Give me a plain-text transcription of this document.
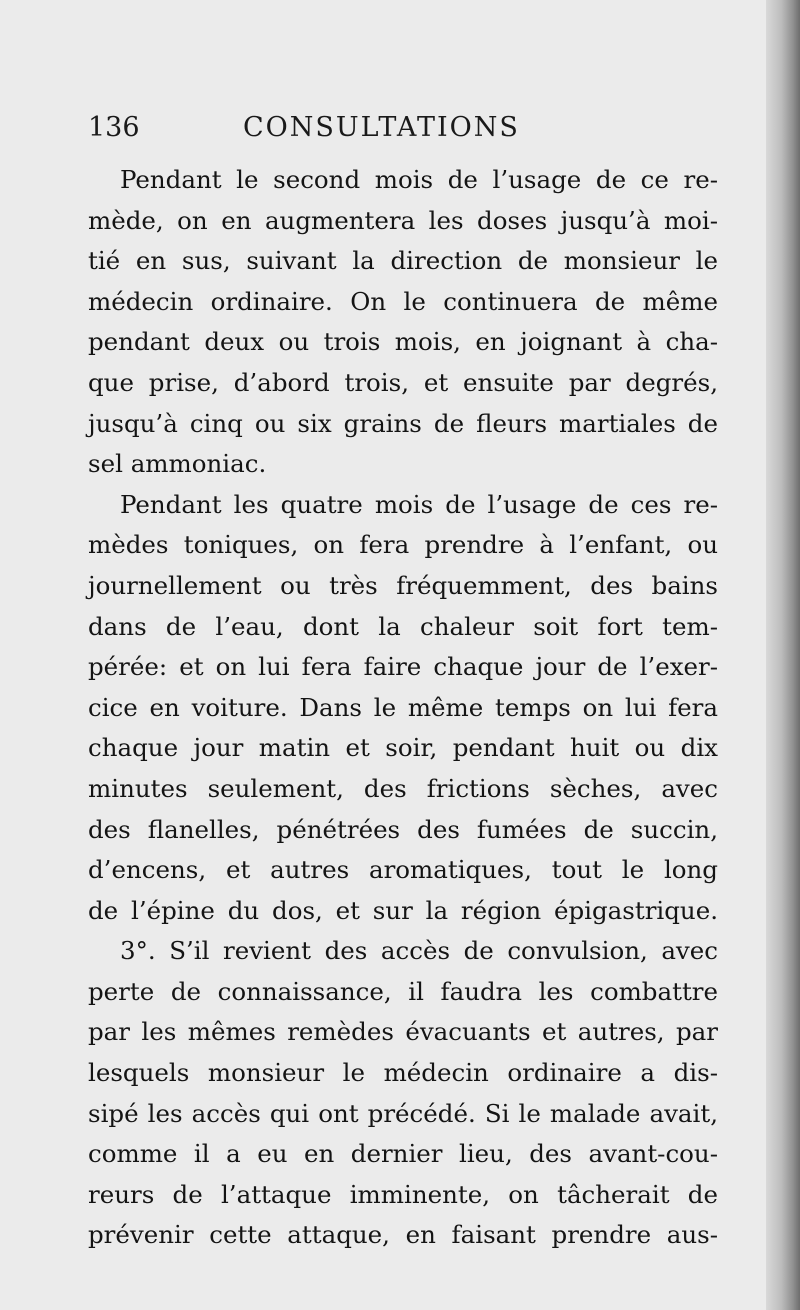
136	CONSULTATIONS
Pendant le second mois de l’usage de ce re-
mède, on en augmentera les doses jusqu’à moi-
tié en sus, suivant la direction de monsieur le
médecin ordinaire. On le continuera de même
pendant deux ou trois mois, en joignant à cha-
que prise, d’abord trois, et ensuite par degrés,
jusqu’à cinq ou six grains de fleurs martiales de
sel ammoniac.
Pendant les quatre mois de l’usage de ces re-
mèdes toniques, on fera prendre à l’enfant, ou
journellement ou très fréquemment, des bains
dans de l’eau, dont la chaleur soit fort tem-
pérée: et on lui fera faire chaque jour de l’exer-
cice en voiture. Dans le même temps on lui fera
chaque jour matin et soir, pendant huit ou dix
minutes seulement, des frictions sèches, avec
des flanelles, pénétrées des fumées de succin,
d’encens, et autres aromatiques, tout le long
de l’épine du dos, et sur la région épigastrique.
3°. S’il revient des accès de convulsion, avec
perte de connaissance, il faudra les combattre
par les mêmes remèdes évacuants et autres, par
lesquels monsieur le médecin ordinaire a dis-
sipé les accès qui ont précédé. Si le malade avait,
comme il a eu en dernier lieu, des avant-cou-
reurs de l’attaque imminente, on tâcherait de
prévenir cette attaque, en faisant prendre aus-
